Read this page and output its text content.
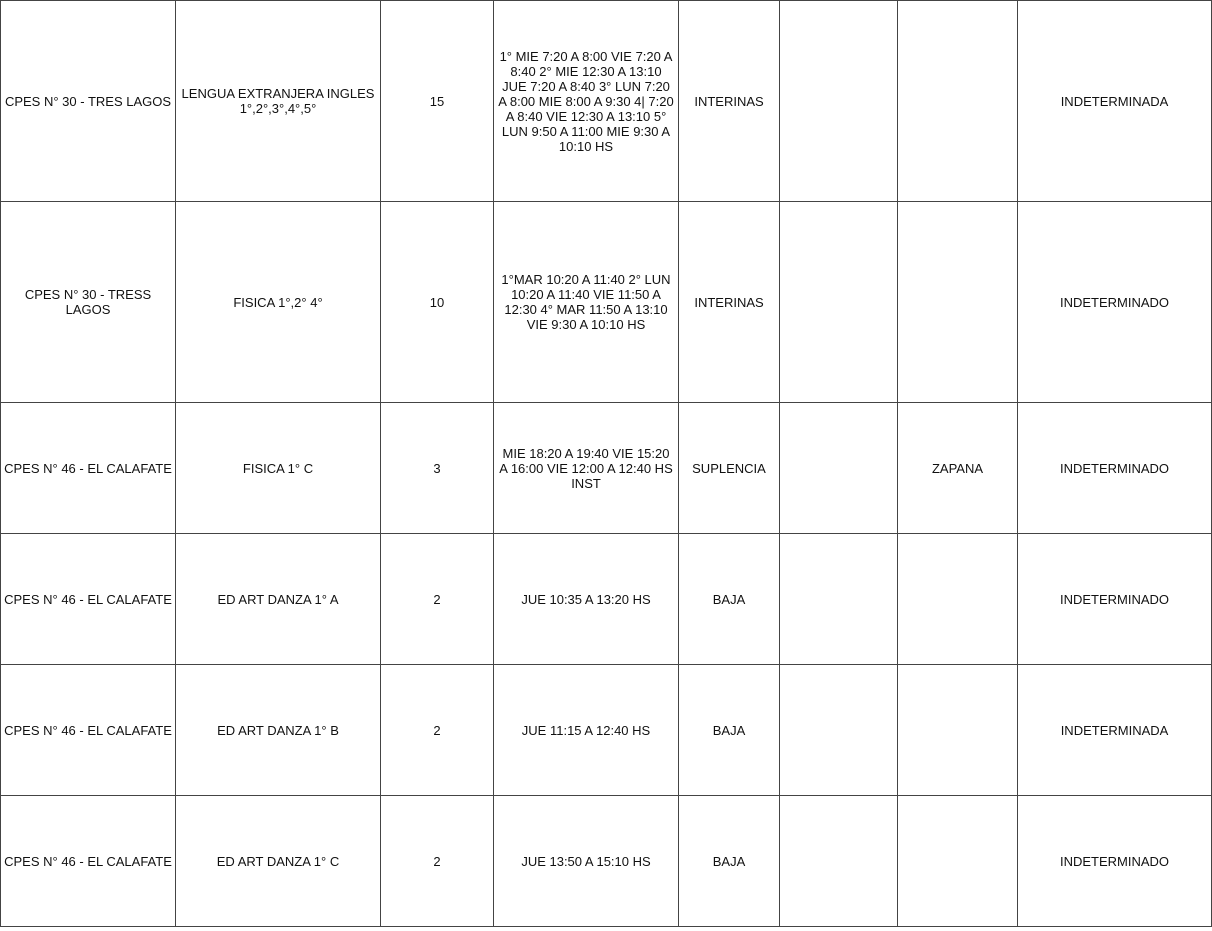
CPES N° 30 - TRES LAGOS	LENGUA EXTRANJERA INGLES 1°,2°,3°,4°,5°	15	1° MIE 7:20 A 8:00 VIE 7:20 A 8:40 2° MIE 12:30 A 13:10 JUE 7:20 A 8:40 3° LUN 7:20 A 8:00 MIE 8:00 A 9:30 4| 7:20 A 8:40 VIE 12:30 A 13:10 5° LUN 9:50 A 11:00 MIE 9:30 A 10:10 HS	INTERINAS			INDETERMINADA
CPES N° 30 - TRESS LAGOS	FISICA 1°,2° 4°	10	1°MAR 10:20 A 11:40 2° LUN 10:20 A 11:40 VIE 11:50 A 12:30 4° MAR 11:50 A 13:10 VIE 9:30 A 10:10 HS	INTERINAS			INDETERMINADO
CPES N° 46 - EL CALAFATE	FISICA 1° C	3	MIE 18:20 A 19:40 VIE 15:20 A 16:00 VIE 12:00 A 12:40 HS INST	SUPLENCIA		ZAPANA	INDETERMINADO
CPES N° 46 - EL CALAFATE	ED ART DANZA 1° A	2	JUE 10:35 A 13:20 HS	BAJA			INDETERMINADO
CPES N° 46 - EL CALAFATE	ED ART DANZA 1° B	2	JUE 11:15 A 12:40 HS	BAJA			INDETERMINADA
CPES N° 46 - EL CALAFATE	ED ART DANZA 1° C	2	JUE 13:50 A 15:10 HS	BAJA			INDETERMINADO
